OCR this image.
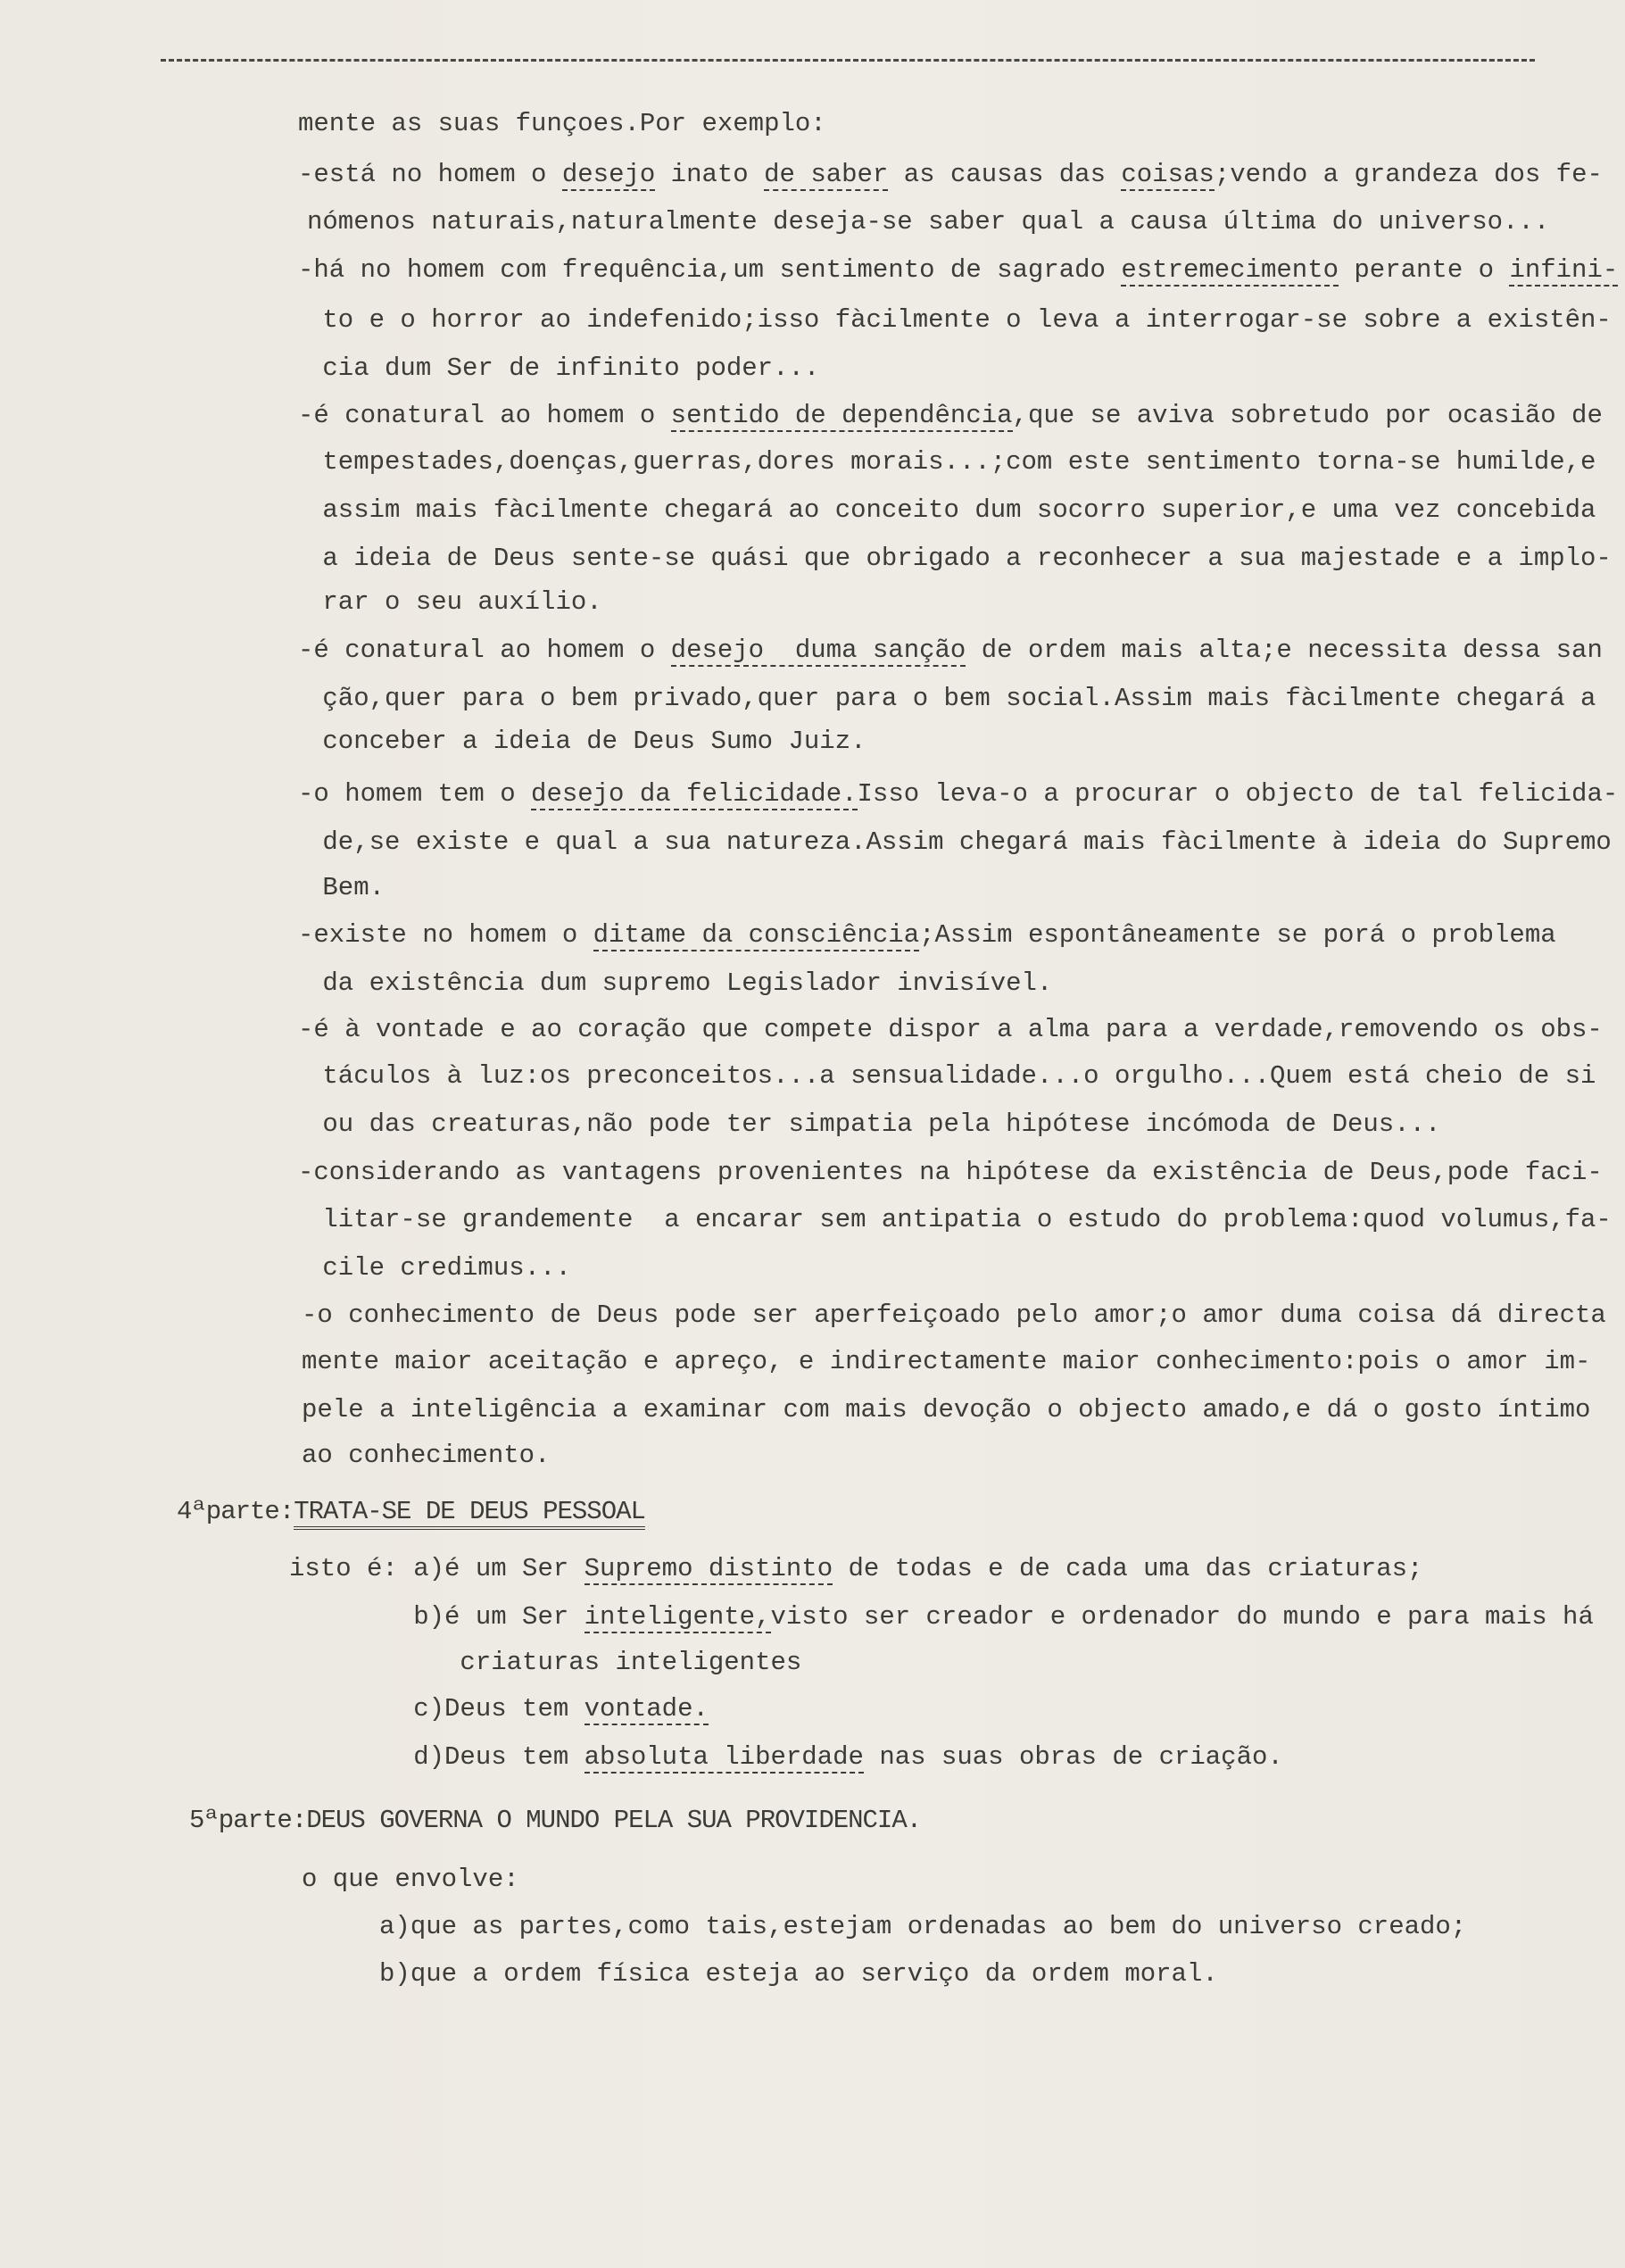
mente as suas funçoes.Por exemplo:
-está no homem o desejo inato de saber as causas das coisas;vendo a grandeza dos fe-
nómenos naturais,naturalmente deseja-se saber qual a causa última do universo...
-há no homem com frequência,um sentimento de sagrado estremecimento perante o infini-
to e o horror ao indefenido;isso fàcilmente o leva a interrogar-se sobre a existên-
cia dum Ser de infinito poder...
-é conatural ao homem o sentido de dependência,que se aviva sobretudo por ocasião de
tempestades,doenças,guerras,dores morais...;com este sentimento torna-se humilde,e
assim mais fàcilmente chegará ao conceito dum socorro superior,e uma vez concebida
a ideia de Deus sente-se quási que obrigado a reconhecer a sua majestade e a implo-
rar o seu auxílio.
-é conatural ao homem o desejo  duma sanção de ordem mais alta;e necessita dessa san
ção,quer para o bem privado,quer para o bem social.Assim mais fàcilmente chegará a
conceber a ideia de Deus Sumo Juiz.
-o homem tem o desejo da felicidade.Isso leva-o a procurar o objecto de tal felicida-
de,se existe e qual a sua natureza.Assim chegará mais fàcilmente à ideia do Supremo
Bem.
-existe no homem o ditame da consciência;Assim espontâneamente se porá o problema
da existência dum supremo Legislador invisível.
-é à vontade e ao coração que compete dispor a alma para a verdade,removendo os obs-
táculos à luz:os preconceitos...a sensualidade...o orgulho...Quem está cheio de si
ou das creaturas,não pode ter simpatia pela hipótese incómoda de Deus...
-considerando as vantagens provenientes na hipótese da existência de Deus,pode faci-
litar-se grandemente  a encarar sem antipatia o estudo do problema:quod volumus,fa-
cile credimus...
-o conhecimento de Deus pode ser aperfeiçoado pelo amor;o amor duma coisa dá directa
mente maior aceitação e apreço, e indirectamente maior conhecimento:pois o amor im-
pele a inteligência a examinar com mais devoção o objecto amado,e dá o gosto íntimo
ao conhecimento.
4ªparte:TRATA-SE DE DEUS PESSOAL
isto é: a)é um Ser Supremo distinto de todas e de cada uma das criaturas;
b)é um Ser inteligente,visto ser creador e ordenador do mundo e para mais há
criaturas inteligentes
c)Deus tem vontade.
d)Deus tem absoluta liberdade nas suas obras de criação.
5ªparte:DEUS GOVERNA O MUNDO PELA SUA PROVIDENCIA.
o que envolve:
a)que as partes,como tais,estejam ordenadas ao bem do universo creado;
b)que a ordem física esteja ao serviço da ordem moral.
